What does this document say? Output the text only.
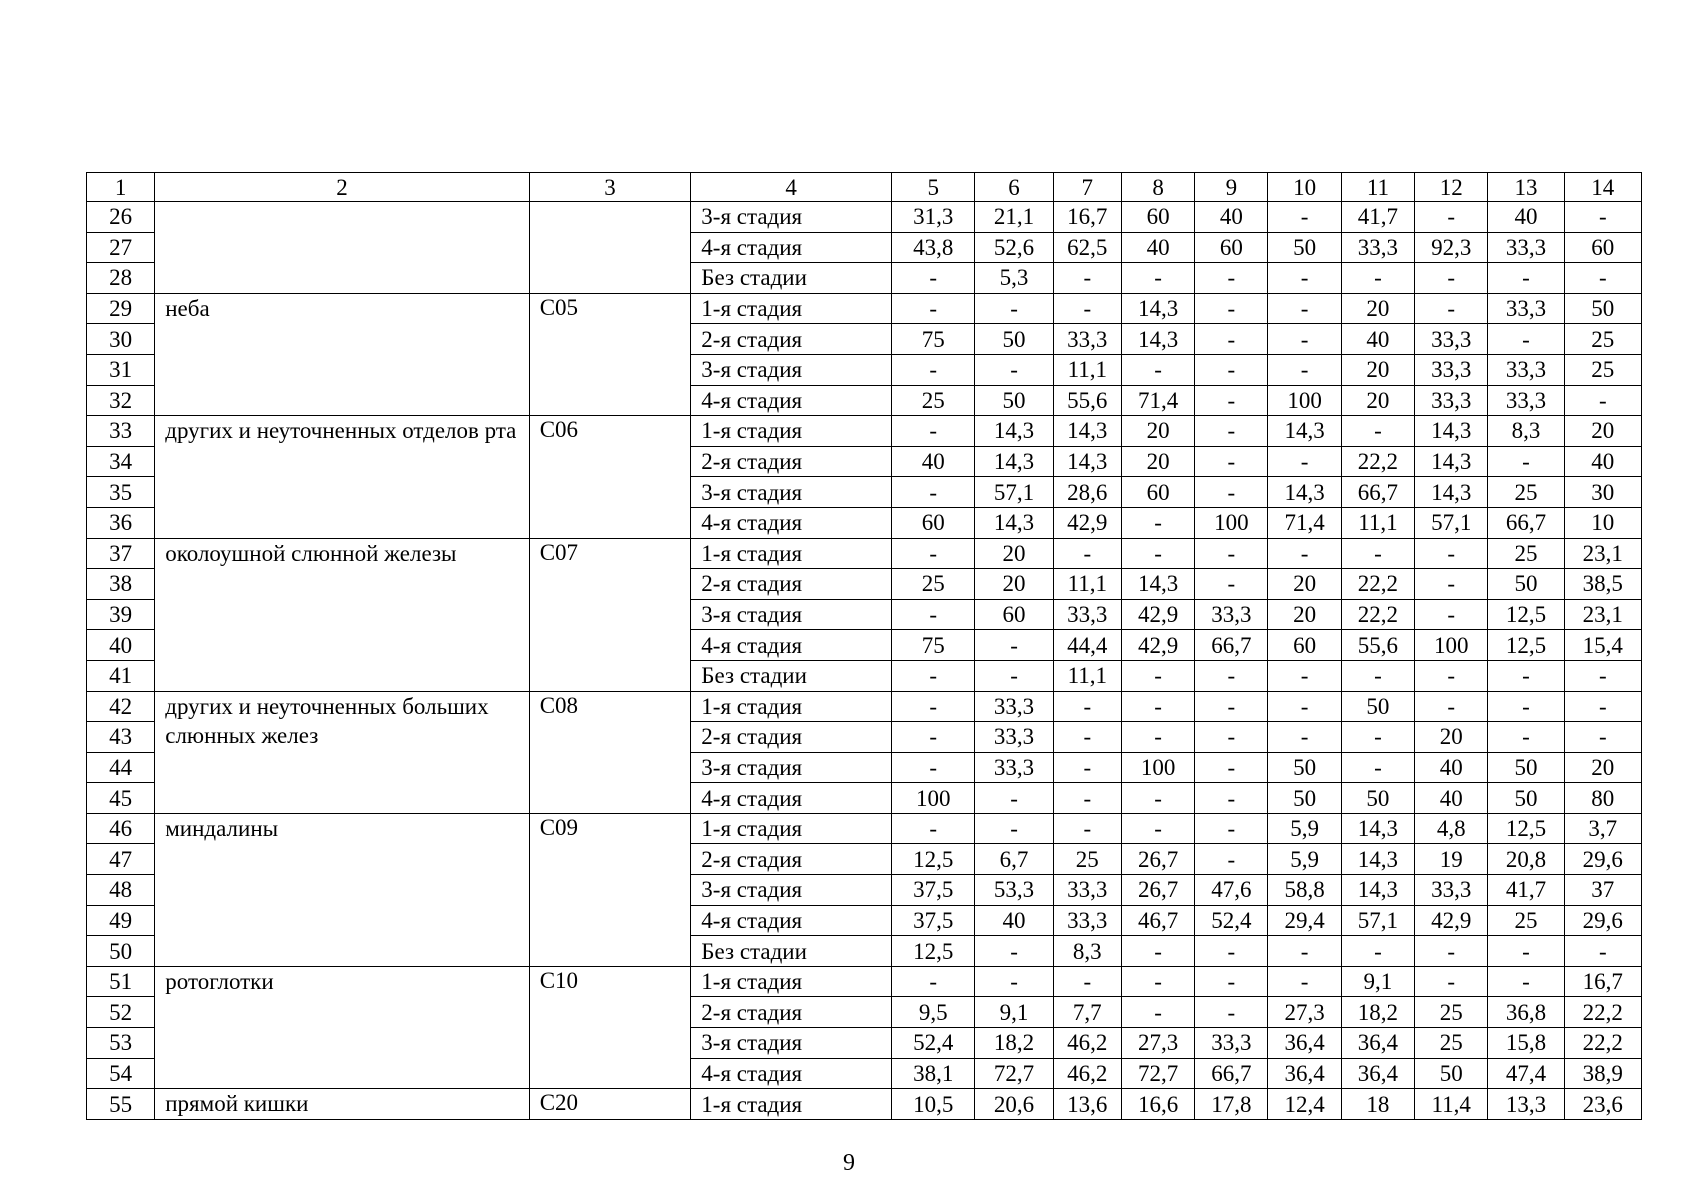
1	2	3	4	5	6	7	8	9	10	11	12	13	14
26			3-я стадия	31,3	21,1	16,7	60	40	-	41,7	-	40	-
27			4-я стадия	43,8	52,6	62,5	40	60	50	33,3	92,3	33,3	60
28			Без стадии	-	5,3	-	-	-	-	-	-	-	-
29	неба	C05	1-я стадия	-	-	-	14,3	-	-	20	-	33,3	50
30			2-я стадия	75	50	33,3	14,3	-	-	40	33,3	-	25
31			3-я стадия	-	-	11,1	-	-	-	20	33,3	33,3	25
32			4-я стадия	25	50	55,6	71,4	-	100	20	33,3	33,3	-
33	других и неуточненных отделов рта	C06	1-я стадия	-	14,3	14,3	20	-	14,3	-	14,3	8,3	20
34			2-я стадия	40	14,3	14,3	20	-	-	22,2	14,3	-	40
35			3-я стадия	-	57,1	28,6	60	-	14,3	66,7	14,3	25	30
36			4-я стадия	60	14,3	42,9	-	100	71,4	11,1	57,1	66,7	10
37	околоушной слюнной железы	C07	1-я стадия	-	20	-	-	-	-	-	-	25	23,1
38			2-я стадия	25	20	11,1	14,3	-	20	22,2	-	50	38,5
39			3-я стадия	-	60	33,3	42,9	33,3	20	22,2	-	12,5	23,1
40			4-я стадия	75	-	44,4	42,9	66,7	60	55,6	100	12,5	15,4
41			Без стадии	-	-	11,1	-	-	-	-	-	-	-
42	других и неуточненных больших слюнных желез	C08	1-я стадия	-	33,3	-	-	-	-	50	-	-	-
43			2-я стадия	-	33,3	-	-	-	-	-	20	-	-
44			3-я стадия	-	33,3	-	100	-	50	-	40	50	20
45			4-я стадия	100	-	-	-	-	50	50	40	50	80
46	миндалины	C09	1-я стадия	-	-	-	-	-	5,9	14,3	4,8	12,5	3,7
47			2-я стадия	12,5	6,7	25	26,7	-	5,9	14,3	19	20,8	29,6
48			3-я стадия	37,5	53,3	33,3	26,7	47,6	58,8	14,3	33,3	41,7	37
49			4-я стадия	37,5	40	33,3	46,7	52,4	29,4	57,1	42,9	25	29,6
50			Без стадии	12,5	-	8,3	-	-	-	-	-	-	-
51	ротоглотки	C10	1-я стадия	-	-	-	-	-	-	9,1	-	-	16,7
52			2-я стадия	9,5	9,1	7,7	-	-	27,3	18,2	25	36,8	22,2
53			3-я стадия	52,4	18,2	46,2	27,3	33,3	36,4	36,4	25	15,8	22,2
54			4-я стадия	38,1	72,7	46,2	72,7	66,7	36,4	36,4	50	47,4	38,9
55	прямой кишки	C20	1-я стадия	10,5	20,6	13,6	16,6	17,8	12,4	18	11,4	13,3	23,6
9
